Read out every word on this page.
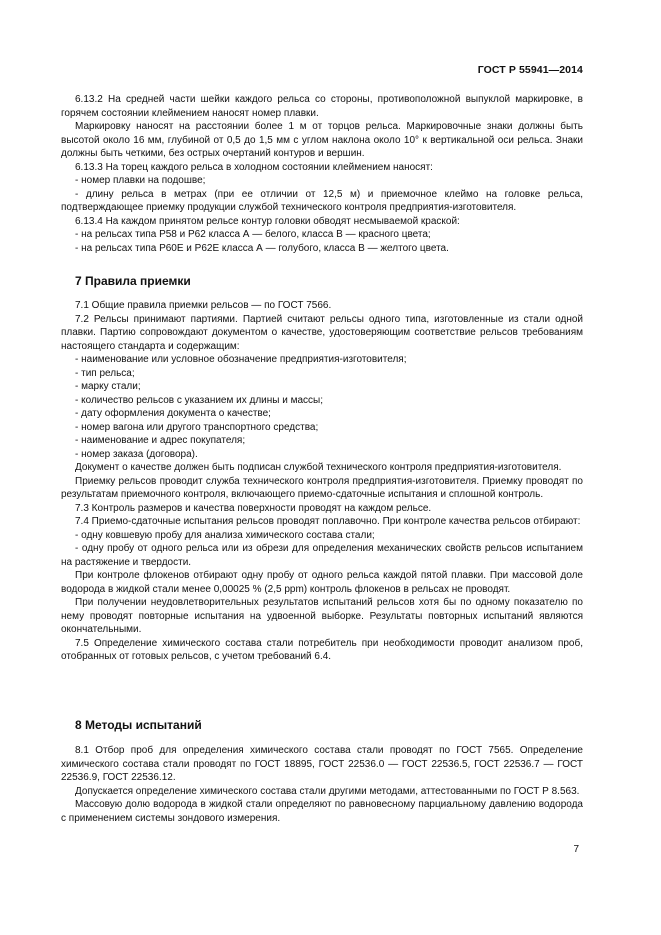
ГОСТ Р 55941—2014

6.13.2 На средней части шейки каждого рельса со стороны, противоположной выпуклой маркировке, в горячем состоянии клеймением наносят номер плавки.

Маркировку наносят на расстоянии более 1 м от торцов рельса. Маркировочные знаки должны быть высотой около 16 мм, глубиной от 0,5 до 1,5 мм с углом наклона около 10° к вертикальной оси рельса. Знаки должны быть четкими, без острых очертаний контуров и вершин.

6.13.3 На торец каждого рельса в холодном состоянии клеймением наносят:

- номер плавки на подошве;

- длину рельса в метрах (при ее отличии от 12,5 м) и приемочное клеймо на головке рельса, подтверждающее приемку продукции службой технического контроля предприятия-изготовителя.

6.13.4 На каждом принятом рельсе контур головки обводят несмываемой краской:

- на рельсах типа Р58 и Р62 класса А — белого, класса В — красного цвета;

- на рельсах типа Р60Е и Р62Е класса А — голубого, класса В — желтого цвета.

7 Правила приемки

7.1 Общие правила приемки рельсов — по ГОСТ 7566.

7.2 Рельсы принимают партиями. Партией считают рельсы одного типа, изготовленные из стали одной плавки. Партию сопровождают документом о качестве, удостоверяющим соответствие рельсов требованиям настоящего стандарта и содержащим:

- наименование или условное обозначение предприятия-изготовителя;

- тип рельса;

- марку стали;

- количество рельсов с указанием их длины и массы;

- дату оформления документа о качестве;

- номер вагона или другого транспортного средства;

- наименование и адрес покупателя;

- номер заказа (договора).

Документ о качестве должен быть подписан службой технического контроля предприятия-изготовителя.

Приемку рельсов проводит служба технического контроля предприятия-изготовителя. Приемку проводят по результатам приемочного контроля, включающего приемо-сдаточные испытания и сплошной контроль.

7.3 Контроль размеров и качества поверхности проводят на каждом рельсе.

7.4 Приемо-сдаточные испытания рельсов проводят поплавочно. При контроле качества рельсов отбирают:

- одну ковшевую пробу для анализа химического состава стали;

- одну пробу от одного рельса или из обрези для определения механических свойств рельсов испытанием на растяжение и твердости.

При контроле флокенов отбирают одну пробу от одного рельса каждой пятой плавки. При массовой доле водорода в жидкой стали менее 0,00025 % (2,5 ppm) контроль флокенов в рельсах не проводят.

При получении неудовлетворительных результатов испытаний рельсов хотя бы по одному показателю по нему проводят повторные испытания на удвоенной выборке. Результаты повторных испытаний являются окончательными.

7.5 Определение химического состава стали потребитель при необходимости проводит анализом проб, отобранных от готовых рельсов, с учетом требований 6.4.

8 Методы испытаний

8.1 Отбор проб для определения химического состава стали проводят по ГОСТ 7565. Определение химического состава стали проводят по ГОСТ 18895, ГОСТ 22536.0 — ГОСТ 22536.5, ГОСТ 22536.7 — ГОСТ 22536.9, ГОСТ 22536.12.

Допускается определение химического состава стали другими методами, аттестованными по ГОСТ Р 8.563.

Массовую долю водорода в жидкой стали определяют по равновесному парциальному давлению водорода с применением системы зондового измерения.

7
